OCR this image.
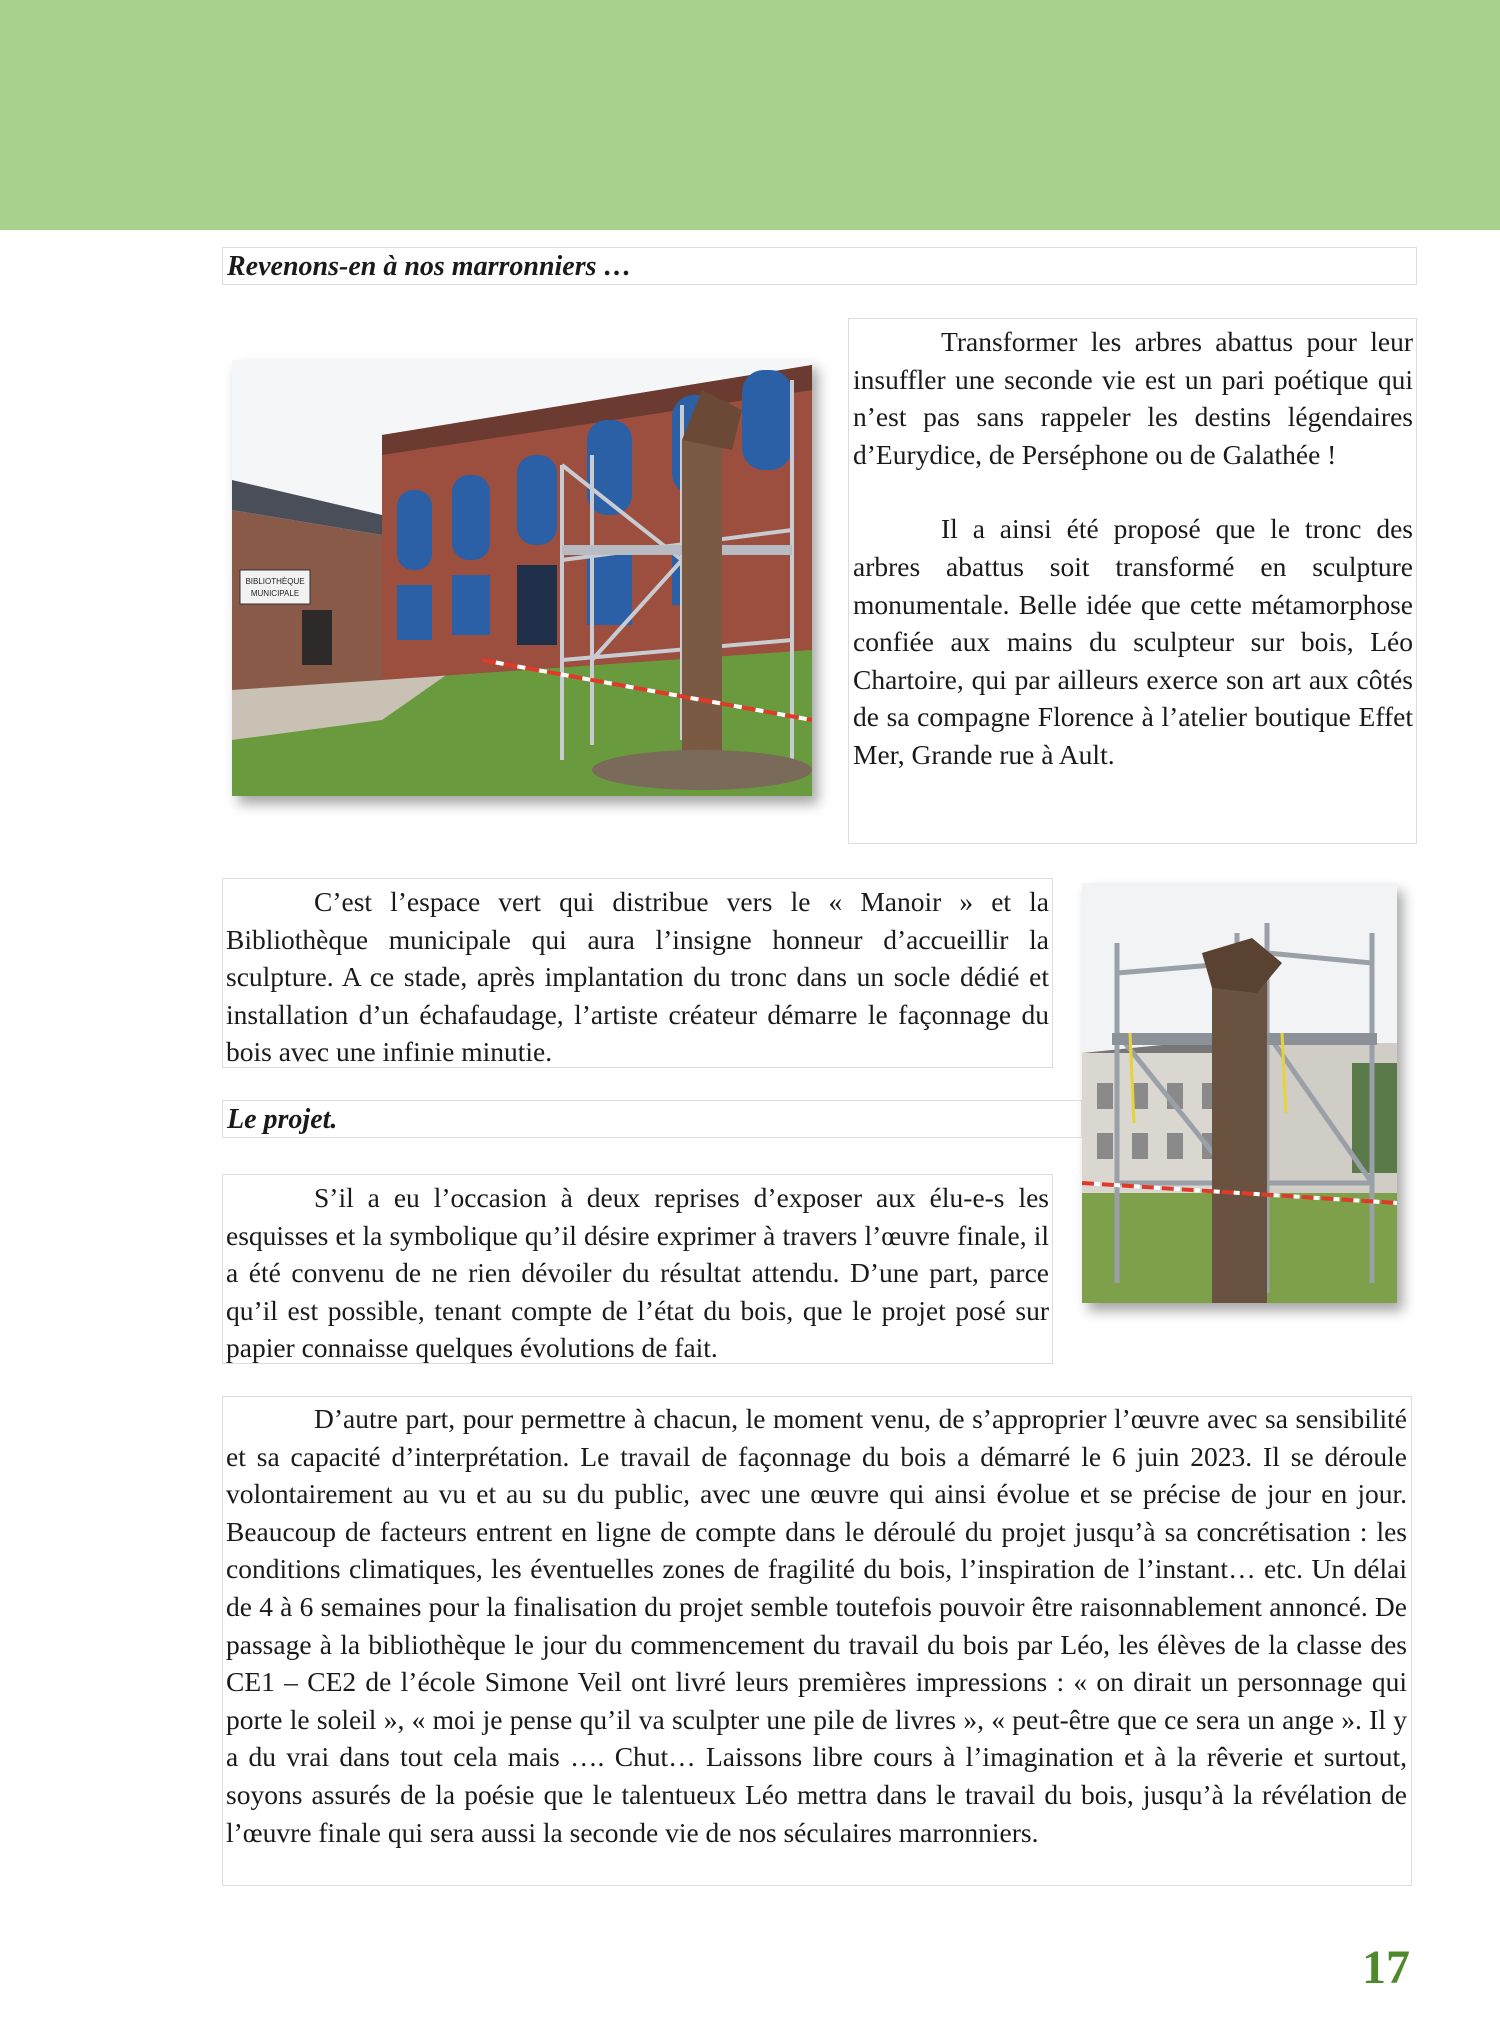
Revenons-en à nos marronniers …
BIBLIOTHÈQUE
MUNICIPALE

Transformer les arbres abattus pour leur insuffler une seconde vie est un pari poétique qui n’est pas sans rappeler les destins légendaires d’Eurydice, de Perséphone ou de Galathée !

Il a ainsi été proposé que le tronc des arbres abattus soit transformé en sculpture monumentale. Belle idée que cette métamorphose confiée aux mains du sculpteur sur bois, Léo Chartoire, qui par ailleurs exerce son art aux côtés de sa compagne Florence à l’atelier boutique Effet Mer, Grande rue à Ault.

C’est l’espace vert qui distribue vers le « Manoir » et la Bibliothèque municipale qui aura l’insigne honneur d’accueillir la sculpture. A ce stade, après implantation du tronc dans un socle dédié et installation d’un échafaudage, l’artiste créateur démarre le façonnage du bois avec une infinie minutie.

Le projet.

S’il a eu l’occasion à deux reprises d’exposer aux élu-e-s les esquisses et la symbolique qu’il désire exprimer à travers l’œuvre finale, il a été convenu de ne rien dévoiler du résultat attendu. D’une part, parce qu’il est possible, tenant compte de l’état du bois, que le projet posé sur papier connaisse quelques évolutions de fait.

D’autre part, pour permettre à chacun, le moment venu, de s’approprier l’œuvre avec sa sensibilité et sa capacité d’interprétation. Le travail de façonnage du bois a démarré le 6 juin 2023. Il se déroule volontairement au vu et au su du public, avec une œuvre qui ainsi évolue et se précise de jour en jour. Beaucoup de facteurs entrent en ligne de compte dans le déroulé du projet jusqu’à sa concrétisation : les conditions climatiques, les éventuelles zones de fragilité du bois, l’inspiration de l’instant… etc. Un délai de 4 à 6 semaines pour la finalisation du projet semble toutefois pouvoir être raisonnablement annoncé. De passage à la bibliothèque le jour du commencement du travail du bois par Léo, les élèves de la classe des CE1 – CE2 de l’école Simone Veil ont livré leurs premières impressions : « on dirait un personnage qui porte le soleil », « moi je pense qu’il va sculpter une pile de livres », « peut-être que ce sera un ange ». Il y a du vrai dans tout cela mais …. Chut… Laissons libre cours à l’imagination et à la rêverie et surtout, soyons assurés de la poésie que le talentueux Léo mettra dans le travail du bois, jusqu’à la révélation de l’œuvre finale qui sera aussi la seconde vie de nos séculaires marronniers.

17
